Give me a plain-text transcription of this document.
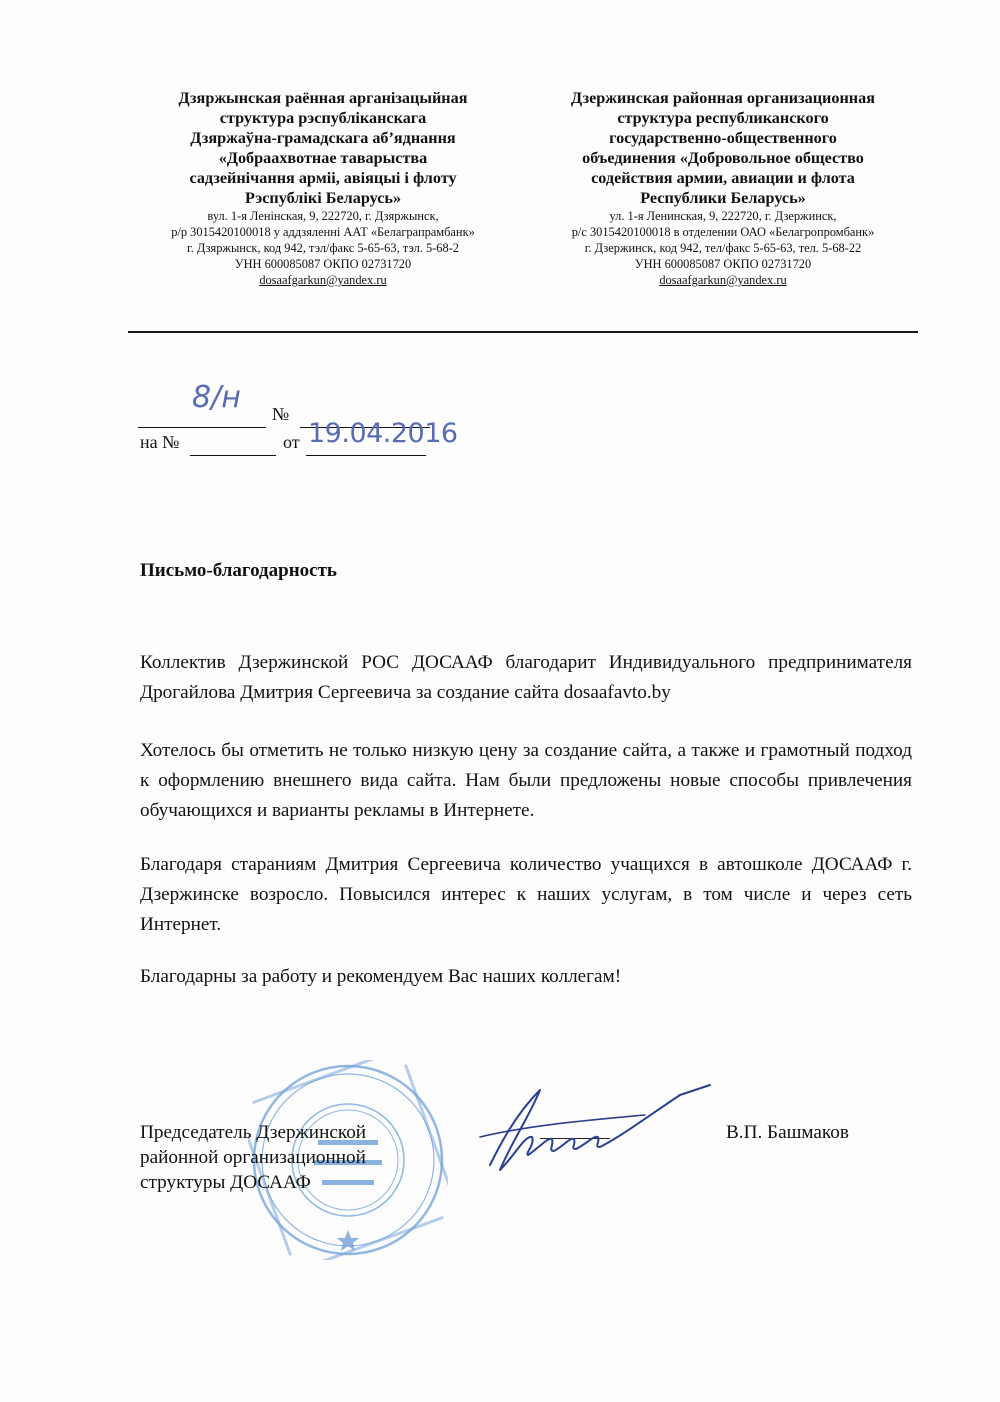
Дзяржынская раённая арганізацыйная
структура рэспубліканскага
Дзяржаўна-грамадскага аб’яднання
«Добраахвотнае таварыства
садзейнічання арміі, авіяцыі і флоту
Рэспублікі Беларусь»
вул. 1-я Ленінская, 9, 222720, г. Дзяржынск,
р/р 3015420100018 у аддзяленні ААТ «Белаграпрамбанк»
г. Дзяржынск, код 942, тэл/факс 5-65-63, тэл. 5-68-2
УНН 600085087 ОКПО 02731720
dosaafgarkun@yandex.ru
Дзержинская районная организационная
структура республиканского
государственно-общественного
объединения «Добровольное общество
содействия армии, авиации и флота
Республики Беларусь»
ул. 1-я Ленинская, 9, 222720, г. Дзержинск,
р/с 3015420100018 в отделении ОАО «Белагропромбанк»
г. Дзержинск, код 942, тел/факс 5-65-63, тел. 5-68-22
УНН 600085087 ОКПО 02731720
dosaafgarkun@yandex.ru
8/н №
на №	от 19.04.2016
Письмо-благодарность
Коллектив Дзержинской РОС ДОСААФ благодарит Индивидуального предпринимателя Дрогайлова Дмитрия Сергеевича за создание сайта dosaafavto.by
Хотелось бы отметить не только низкую цену за создание сайта, а также и грамотный подход к оформлению внешнего вида сайта. Нам были предложены новые способы привлечения обучающихся и варианты рекламы в Интернете.
Благодаря стараниям Дмитрия Сергеевича количество учащихся в автошколе ДОСААФ г. Дзержинске возросло. Повысился интерес к наших услугам, в том числе и через сеть Интернет.
Благодарны за работу и рекомендуем Вас наших коллегам!
Председатель Дзержинской
районной организационной
структуры ДОСААФ
В.П. Башмаков
